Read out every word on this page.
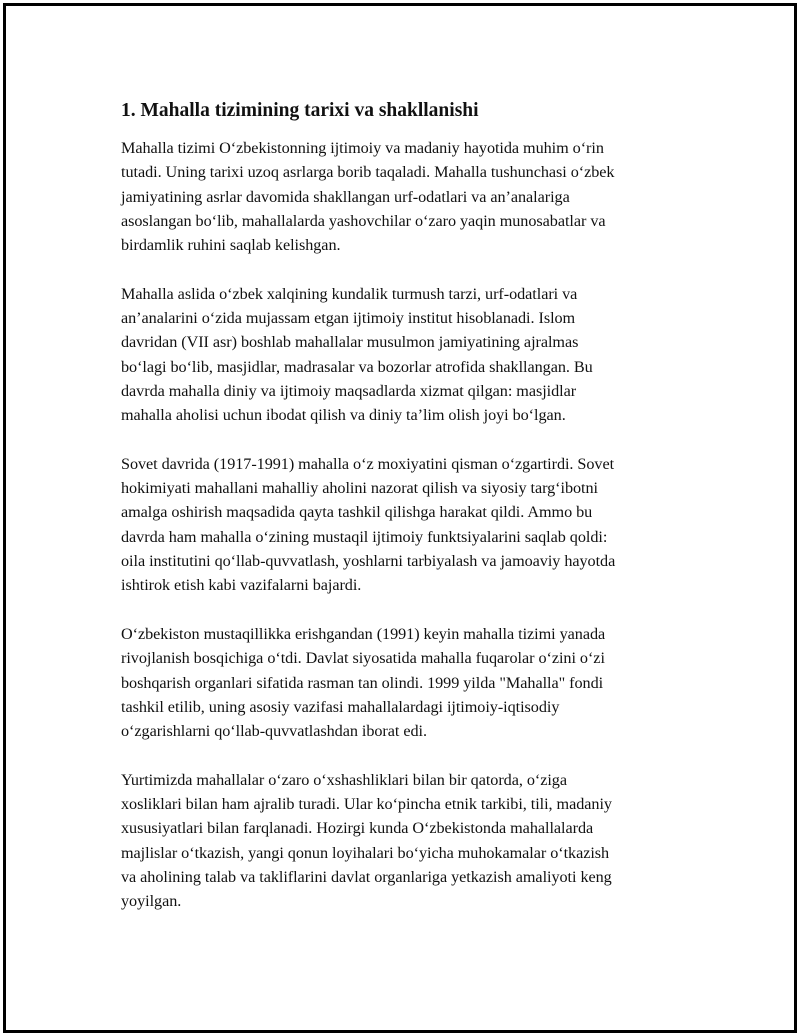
1. Mahalla tizimining tarixi va shakllanishi

Mahalla tizimi O‘zbekistonning ijtimoiy va madaniy hayotida muhim o‘rin
tutadi. Uning tarixi uzoq asrlarga borib taqaladi. Mahalla tushunchasi o‘zbek
jamiyatining asrlar davomida shakllangan urf-odatlari va an’analariga
asoslangan bo‘lib, mahallalarda yashovchilar o‘zaro yaqin munosabatlar va
birdamlik ruhini saqlab kelishgan.

Mahalla aslida o‘zbek xalqining kundalik turmush tarzi, urf-odatlari va
an’analarini o‘zida mujassam etgan ijtimoiy institut hisoblanadi. Islom
davridan (VII asr) boshlab mahallalar musulmon jamiyatining ajralmas
bo‘lagi bo‘lib, masjidlar, madrasalar va bozorlar atrofida shakllangan. Bu
davrda mahalla diniy va ijtimoiy maqsadlarda xizmat qilgan: masjidlar
mahalla aholisi uchun ibodat qilish va diniy ta’lim olish joyi bo‘lgan.

Sovet davrida (1917-1991) mahalla o‘z moxiyatini qisman o‘zgartirdi. Sovet
hokimiyati mahallani mahalliy aholini nazorat qilish va siyosiy targ‘ibotni
amalga oshirish maqsadida qayta tashkil qilishga harakat qildi. Ammo bu
davrda ham mahalla o‘zining mustaqil ijtimoiy funktsiyalarini saqlab qoldi:
oila institutini qo‘llab-quvvatlash, yoshlarni tarbiyalash va jamoaviy hayotda
ishtirok etish kabi vazifalarni bajardi.

O‘zbekiston mustaqillikka erishgandan (1991) keyin mahalla tizimi yanada
rivojlanish bosqichiga o‘tdi. Davlat siyosatida mahalla fuqarolar o‘zini o‘zi
boshqarish organlari sifatida rasman tan olindi. 1999 yilda "Mahalla" fondi
tashkil etilib, uning asosiy vazifasi mahallalardagi ijtimoiy-iqtisodiy
o‘zgarishlarni qo‘llab-quvvatlashdan iborat edi.

Yurtimizda mahallalar o‘zaro o‘xshashliklari bilan bir qatorda, o‘ziga
xosliklari bilan ham ajralib turadi. Ular ko‘pincha etnik tarkibi, tili, madaniy
xususiyatlari bilan farqlanadi. Hozirgi kunda O‘zbekistonda mahallalarda
majlislar o‘tkazish, yangi qonun loyihalari bo‘yicha muhokamalar o‘tkazish
va aholining talab va takliflarini davlat organlariga yetkazish amaliyoti keng
yoyilgan.
